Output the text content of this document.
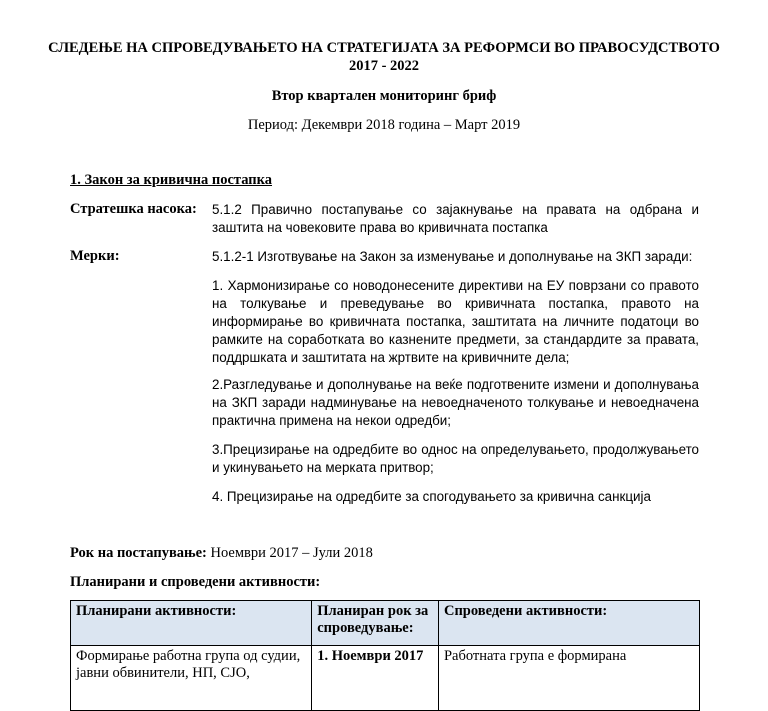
СЛЕДЕЊЕ НА СПРОВЕДУВАЊЕТО НА СТРАТЕГИЈАТА ЗА РЕФОРМСИ ВО ПРАВОСУДСТВОТО
2017 - 2022
Втор квартален мониторинг бриф
Период: Декември 2018 година – Март 2019
1. Закон за кривична постапка
Стратешка насока: 5.1.2 Правично постапување со зајакнување на правата на одбрана и заштита на човековите права во кривичната постапка
Мерки:	5.1.2-1 Изготвување на Закон за изменување и дополнување на ЗКП заради:
1. Хармонизирање со новодонесените директиви на ЕУ поврзани со правото на толкување и преведување во кривичната постапка, правото на информирање во кривичната постапка, заштитата на личните податоци во рамките на соработката во казнените предмети, за стандардите за правата, поддршката и заштитата на жртвите на кривичните дела;
2.Разгледување и дополнување на веќе подготвените измени и дополнувања на ЗКП заради надминување на невоедначеното толкување и невоедначена практична примена на некои одредби;
3.Прецизирање на одредбите во однос на определувањето, продолжувањето и укинувањето на мерката притвор;
4. Прецизирање на одредбите за спогодувањето за кривична санкција
Рок на постапување: Ноември 2017 – Јули 2018
Планирани и спроведени активности:
Планирани активности:	Планиран рок за спроведување:	Спроведени активности:
Формирање работна група од судии, јавни обвинители, НП, СЈО,	1. Ноември 2017	Работната група е формирана
